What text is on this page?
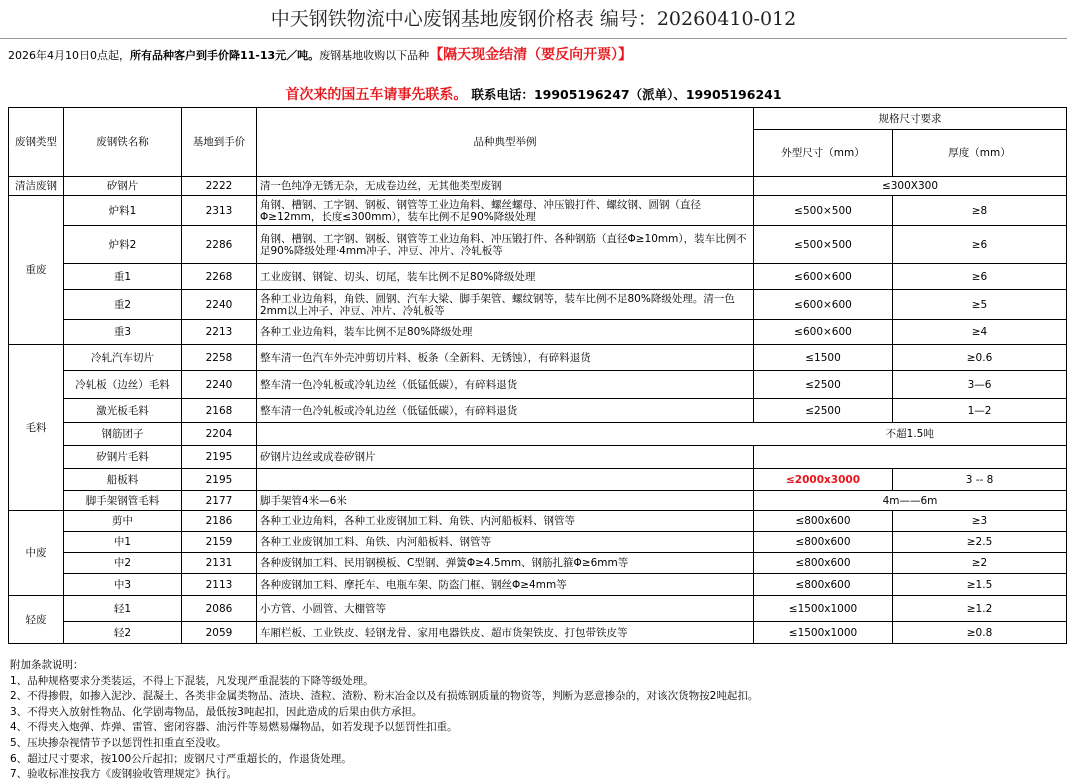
中天钢铁物流中心废钢基地废钢价格表 编号：20260410-012
2026年4月10日0点起，所有品种客户到手价降11-13元／吨。废钢基地收购以下品种【隔天现金结清（要反向开票）】
首次来的国五车请事先联系。 联系电话：19905196247（派单）、19905196241
废钢类型	废钢铁名称	基地到手价	品种典型举例	规格尺寸要求	
				外型尺寸（mm）	厚度（mm）
清洁废钢	矽钢片	2222	清一色纯净无锈无杂，无成卷边丝，无其他类型废钢	≤300X300	
重废	炉料1	2313	角钢、槽钢、工字钢、钢板、钢管等工业边角料、螺丝螺母、冲压锻打件、螺纹钢、圆钢（直径Φ≥12mm，长度≤300mm），装车比例不足90%降级处理	≤500×500	≥8
	炉料2	2286	角钢、槽钢、工字钢、钢板、钢管等工业边角料、冲压锻打件、各种钢筋（直径Φ≥10mm），装车比例不足90%降级处理·4mm冲子、冲豆、冲片、冷轧板等	≤500×500	≥6
	重1	2268	工业废钢、钢锭、切头、切尾，装车比例不足80%降级处理	≤600×600	≥6
	重2	2240	各种工业边角料，角铁、圆钢、汽车大梁、脚手架管、螺纹钢等，装车比例不足80%降级处理。清一色2mm以上冲子、冲豆、冲片、冷轧板等	≤600×600	≥5
	重3	2213	各种工业边角料，装车比例不足80%降级处理	≤600×600	≥4
毛料	冷轧汽车切片	2258	整车清一色汽车外壳冲剪切片料、板条（全新料、无锈蚀），有碎料退货	≤1500	≥0.6
	冷轧板（边丝）毛料	2240	整车清一色冷轧板或冷轧边丝（低锰低碳），有碎料退货	≤2500	3—6
	激光板毛料	2168	整车清一色冷轧板或冷轧边丝（低锰低碳），有碎料退货	≤2500	1—2
	钢筋团子	2204		不超1.5吨	
	矽钢片毛料	2195	矽钢片边丝或成卷矽钢片		
	船板料	2195		≤2000x3000	3 -- 8
	脚手架钢管毛料	2177	脚手架管4米—6米	4m——6m	
中废	剪中	2186	各种工业边角料，各种工业废钢加工料、角铁、内河船板料、钢管等	≤800x600	≥3
	中1	2159	各种工业废钢加工料、角铁、内河船板料、钢管等	≤800x600	≥2.5
	中2	2131	各种废钢加工料、民用钢模板、C型钢、弹簧Φ≥4.5mm、钢筋扎箍Φ≥6mm等	≤800x600	≥2
	中3	2113	各种废钢加工料、摩托车、电瓶车架、防盗门框、钢丝Φ≥4mm等	≤800x600	≥1.5
轻废	轻1	2086	小方管、小圆管、大棚管等	≤1500x1000	≥1.2
	轻2	2059	车厢栏板、工业铁皮、轻钢龙骨、家用电器铁皮、超市货架铁皮、打包带铁皮等	≤1500x1000	≥0.8
附加条款说明：
1、品种规格要求分类装运，不得上下混装，凡发现严重混装的下降等级处理。
2、不得掺假，如掺入泥沙、混凝土、各类非金属类物品、渣块、渣粒、渣粉、粉末冶金以及有损炼钢质量的物资等，判断为恶意掺杂的，对该次货物按2吨起扣。
3、不得夹入放射性物品、化学剧毒物品，最低按3吨起扣，因此造成的后果由供方承担。
4、不得夹入炮弹、炸弹、雷管、密闭容器、油污件等易燃易爆物品，如若发现予以惩罚性扣重。
5、压块掺杂视情节予以惩罚性扣重直至没收。
6、超过尺寸要求，按100公斤起扣；废钢尺寸严重超长的，作退货处理。
7、验收标准按我方《废钢验收管理规定》执行。
